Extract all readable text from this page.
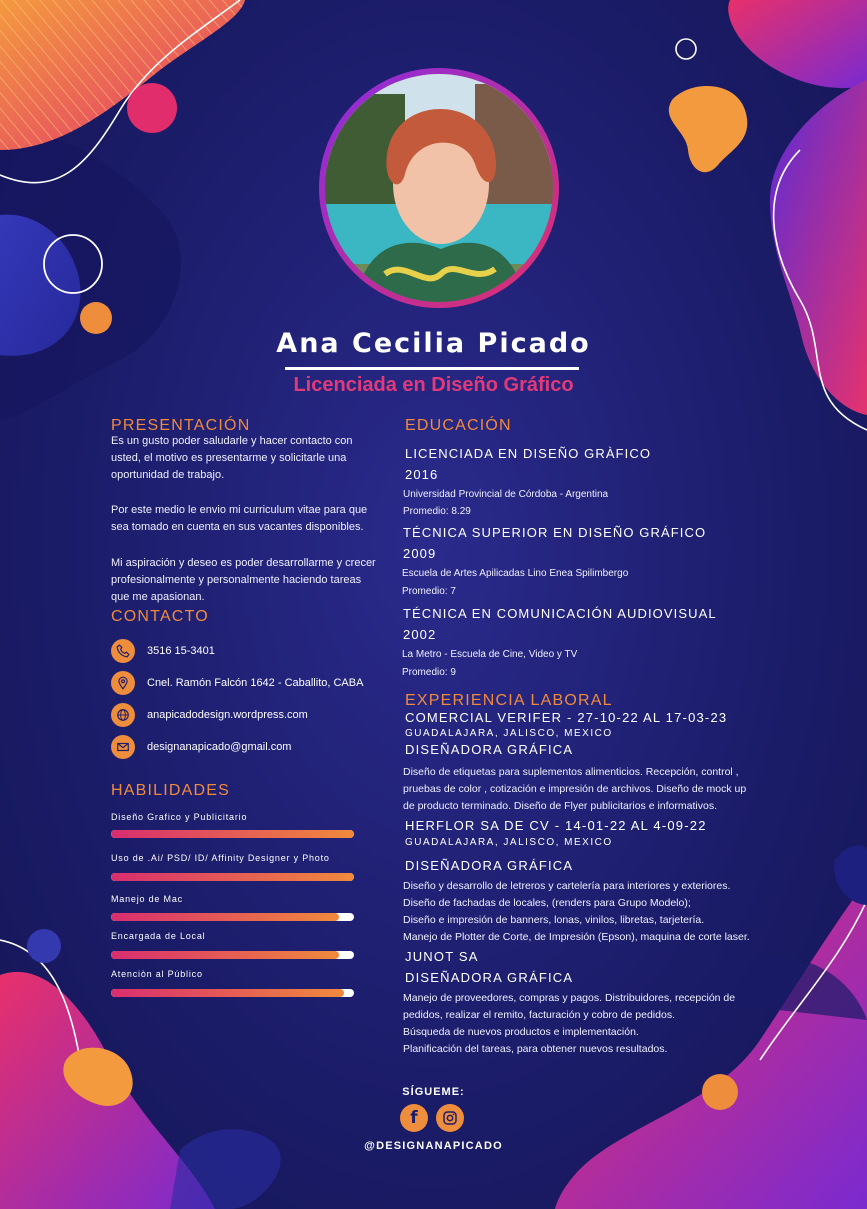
Ana Cecilia Picado
Licenciada en Diseño Gráfico
PRESENTACIÓN
Es un gusto poder saludarle y hacer contacto con usted, el motivo es presentarme y solicitarle una oportunidad de trabajo.
Por este medio le envio mi curriculum vitae para que sea tomado en cuenta en sus vacantes disponibles.
Mi aspiración y deseo es poder desarrollarme y crecer profesionalmente y personalmente haciendo tareas que me apasionan.
CONTACTO
3516 15-3401
Cnel. Ramón Falcón 1642 - Caballito, CABA
anapicadodesign.wordpress.com
designanapicado@gmail.com
HABILIDADES
Diseño Grafico y Publicitario
Uso de .Ai/ PSD/ ID/ Affinity Designer y Photo
Manejo de Mac
Encargada de Local
Atenciòn al Público
EDUCACIÓN
LICENCIADA EN DISEÑO GRÀFICO
2016
Universidad Provincial de Córdoba - Argentina
Promedio: 8.29
TÉCNICA SUPERIOR EN DISEÑO GRÁFICO
2009
Escuela de Artes Apilicadas Lino Enea Spilimbergo
Promedio: 7
TÉCNICA EN COMUNICACIÓN AUDIOVISUAL
2002
La Metro - Escuela de Cine, Video y TV
Promedio: 9
EXPERIENCIA LABORAL
COMERCIAL VERIFER - 27-10-22 AL 17-03-23
GUADALAJARA, JALISCO, MEXICO
DISEÑADORA GRÁFICA
Diseño de etiquetas para suplementos alimenticios. Recepción, control ,
pruebas de color , cotización e impresión de archivos. Diseño de mock up
de producto terminado. Diseño de Flyer publicitarios e informativos.
HERFLOR SA DE CV - 14-01-22 AL 4-09-22
GUADALAJARA, JALISCO, MEXICO
DISEÑADORA GRÁFICA
Diseño y desarrollo de letreros y cartelería para interiores y exteriores.
Diseño de fachadas de locales, (renders para Grupo Modelo);
Diseño e impresión de banners, lonas, vinilos, libretas, tarjetería.
Manejo de Plotter de Corte, de Impresión (Epson), maquina de corte laser.
JUNOT SA
DISEÑADORA GRÁFICA
Manejo de proveedores, compras y pagos. Distribuidores, recepción de
pedidos, realizar el remito, facturación y cobro de pedidos.
Búsqueda de nuevos productos e implementación.
Planificación del tareas, para obtener nuevos resultados.
SÍGUEME:
f
@DESIGNANAPICADO
